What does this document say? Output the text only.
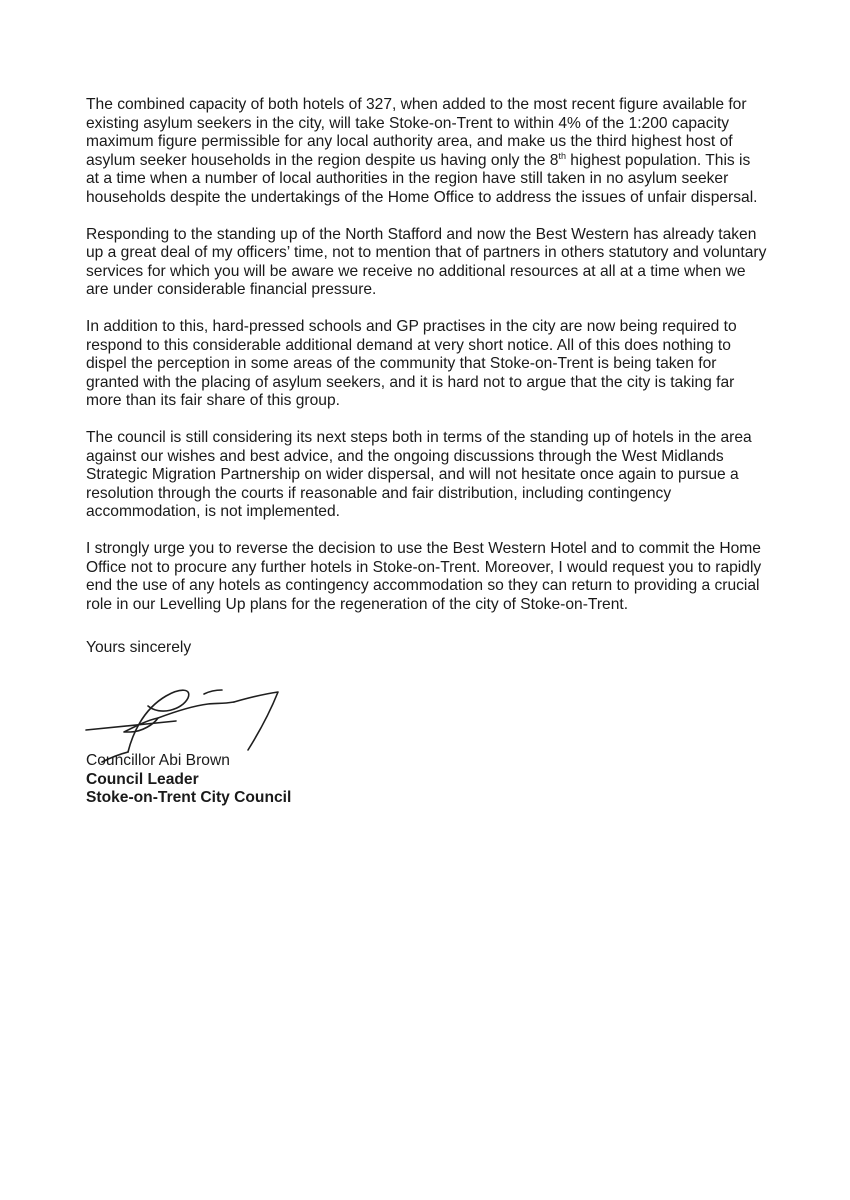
The combined capacity of both hotels of 327, when added to the most recent figure available for
existing asylum seekers in the city, will take Stoke-on-Trent to within 4% of the 1:200 capacity
maximum figure permissible for any local authority area, and make us the third highest host of
asylum seeker households in the region despite us having only the 8th highest population. This is
at a time when a number of local authorities in the region have still taken in no asylum seeker
households despite the undertakings of the Home Office to address the issues of unfair dispersal.

Responding to the standing up of the North Stafford and now the Best Western has already taken
up a great deal of my officers’ time, not to mention that of partners in others statutory and voluntary
services for which you will be aware we receive no additional resources at all at a time when we
are under considerable financial pressure.

In addition to this, hard-pressed schools and GP practises in the city are now being required to
respond to this considerable additional demand at very short notice. All of this does nothing to
dispel the perception in some areas of the community that Stoke-on-Trent is being taken for
granted with the placing of asylum seekers, and it is hard not to argue that the city is taking far
more than its fair share of this group.

The council is still considering its next steps both in terms of the standing up of hotels in the area
against our wishes and best advice, and the ongoing discussions through the West Midlands
Strategic Migration Partnership on wider dispersal, and will not hesitate once again to pursue a
resolution through the courts if reasonable and fair distribution, including contingency
accommodation, is not implemented.

I strongly urge you to reverse the decision to use the Best Western Hotel and to commit the Home
Office not to procure any further hotels in Stoke-on-Trent. Moreover, I would request you to rapidly
end the use of any hotels as contingency accommodation so they can return to providing a crucial
role in our Levelling Up plans for the regeneration of the city of Stoke-on-Trent.

Yours sincerely
Councillor Abi Brown
Council Leader
Stoke-on-Trent City Council
